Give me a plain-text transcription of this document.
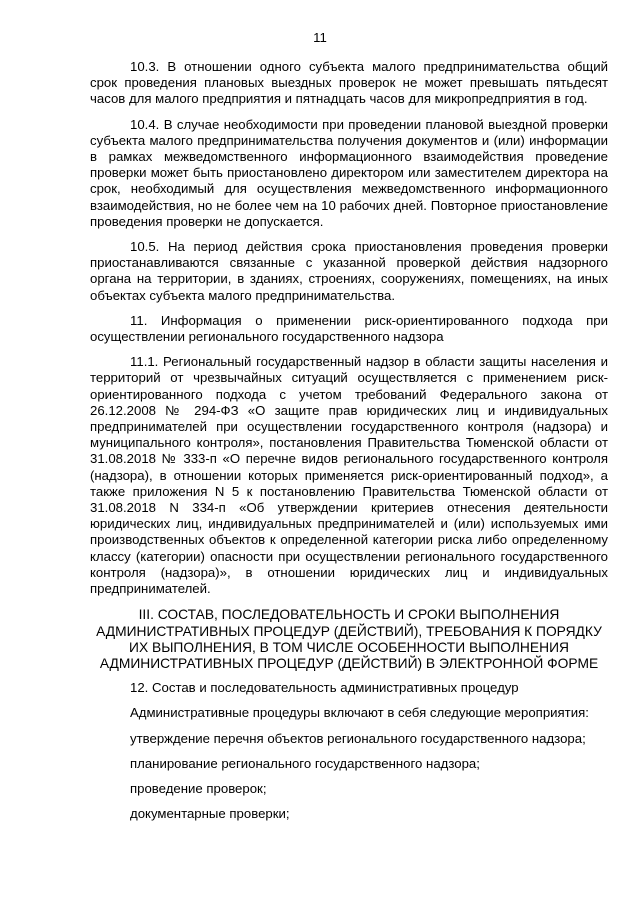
11

10.3. В отношении одного субъекта малого предпринимательства общий срок проведения плановых выездных проверок не может превышать пятьдесят часов для малого предприятия и пятнадцать часов для микропредприятия в год.

10.4. В случае необходимости при проведении плановой выездной проверки субъекта малого предпринимательства получения документов и (или) информации в рамках межведомственного информационного взаимодействия проведение проверки может быть приостановлено директором или заместителем директора на срок, необходимый для осуществления межведомственного информационного взаимодействия, но не более чем на 10 рабочих дней. Повторное приостановление проведения проверки не допускается.

10.5. На период действия срока приостановления проведения проверки приостанавливаются связанные с указанной проверкой действия надзорного органа на территории, в зданиях, строениях, сооружениях, помещениях, на иных объектах субъекта малого предпринимательства.

11. Информация о применении риск-ориентированного подхода при осуществлении регионального государственного надзора

11.1. Региональный государственный надзор в области защиты населения и территорий от чрезвычайных ситуаций осуществляется с применением риск-ориентированного подхода с учетом требований Федерального закона от 26.12.2008 № 294-ФЗ «О защите прав юридических лиц и индивидуальных предпринимателей при осуществлении государственного контроля (надзора) и муниципального контроля», постановления Правительства Тюменской области от 31.08.2018 № 333-п «О перечне видов регионального государственного контроля (надзора), в отношении которых применяется риск-ориентированный подход», а также приложения N 5 к постановлению Правительства Тюменской области от 31.08.2018 N 334-п «Об утверждении критериев отнесения деятельности юридических лиц, индивидуальных предпринимателей и (или) используемых ими производственных объектов к определенной категории риска либо определенному классу (категории) опасности при осуществлении регионального государственного контроля (надзора)», в отношении юридических лиц и индивидуальных предпринимателей.

III. СОСТАВ, ПОСЛЕДОВАТЕЛЬНОСТЬ И СРОКИ ВЫПОЛНЕНИЯ
АДМИНИСТРАТИВНЫХ ПРОЦЕДУР (ДЕЙСТВИЙ), ТРЕБОВАНИЯ К ПОРЯДКУ
ИХ ВЫПОЛНЕНИЯ, В ТОМ ЧИСЛЕ ОСОБЕННОСТИ ВЫПОЛНЕНИЯ
АДМИНИСТРАТИВНЫХ ПРОЦЕДУР (ДЕЙСТВИЙ) В ЭЛЕКТРОННОЙ ФОРМЕ

12. Состав и последовательность административных процедур

Административные процедуры включают в себя следующие мероприятия:

утверждение перечня объектов регионального государственного надзора;

планирование регионального государственного надзора;

проведение проверок;

документарные проверки;
